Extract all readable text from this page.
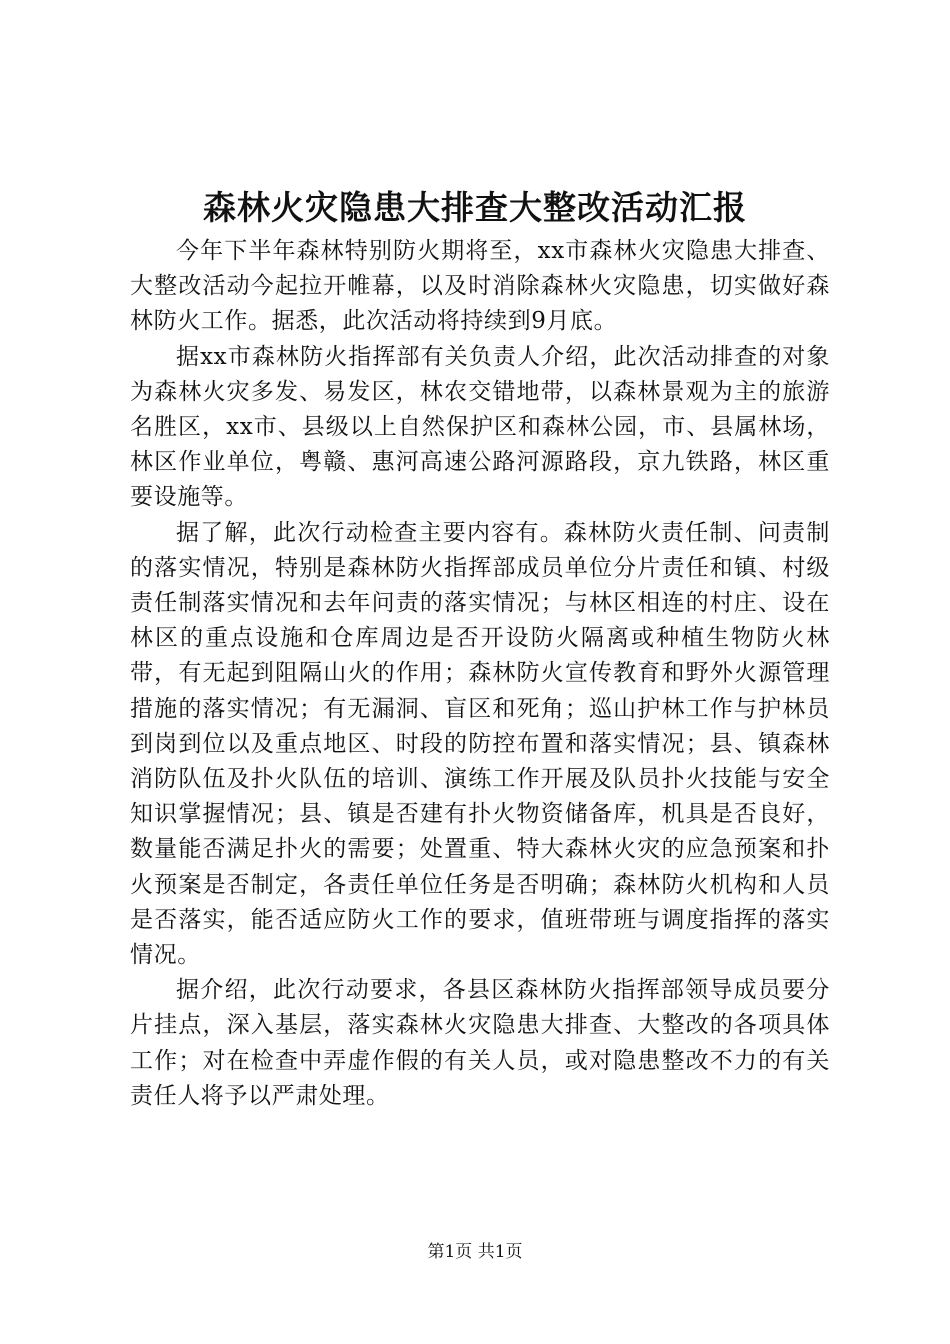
森林火灾隐患大排查大整改活动汇报

今年下半年森林特别防火期将至，xx市森林火灾隐患大排查、大整改活动今起拉开帷幕，以及时消除森林火灾隐患，切实做好森林防火工作。据悉，此次活动将持续到9月底。

据xx市森林防火指挥部有关负责人介绍，此次活动排查的对象为森林火灾多发、易发区，林农交错地带，以森林景观为主的旅游名胜区，xx市、县级以上自然保护区和森林公园，市、县属林场，林区作业单位，粤赣、惠河高速公路河源路段，京九铁路，林区重要设施等。

据了解，此次行动检查主要内容有。森林防火责任制、问责制的落实情况，特别是森林防火指挥部成员单位分片责任和镇、村级责任制落实情况和去年问责的落实情况；与林区相连的村庄、设在林区的重点设施和仓库周边是否开设防火隔离或种植生物防火林带，有无起到阻隔山火的作用；森林防火宣传教育和野外火源管理措施的落实情况；有无漏洞、盲区和死角；巡山护林工作与护林员到岗到位以及重点地区、时段的防控布置和落实情况；县、镇森林消防队伍及扑火队伍的培训、演练工作开展及队员扑火技能与安全知识掌握情况；县、镇是否建有扑火物资储备库，机具是否良好，数量能否满足扑火的需要；处置重、特大森林火灾的应急预案和扑火预案是否制定，各责任单位任务是否明确；森林防火机构和人员是否落实，能否适应防火工作的要求，值班带班与调度指挥的落实情况。

据介绍，此次行动要求，各县区森林防火指挥部领导成员要分片挂点，深入基层，落实森林火灾隐患大排查、大整改的各项具体工作；对在检查中弄虚作假的有关人员，或对隐患整改不力的有关责任人将予以严肃处理。

第1页 共1页
